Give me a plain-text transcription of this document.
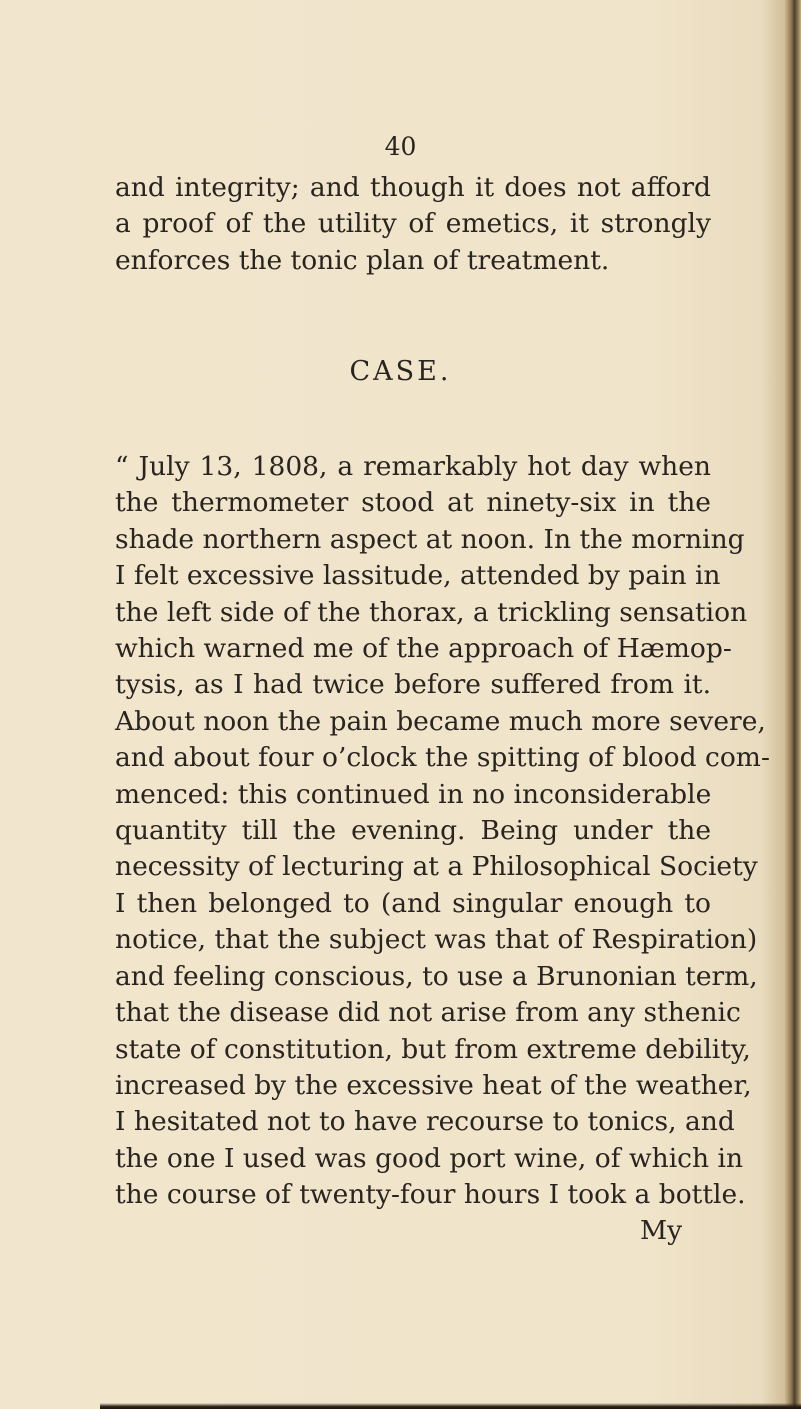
40
and integrity; and though it does not afford
a proof of the utility of emetics, it strongly
enforces the tonic plan of treatment.
CASE.
“ July 13, 1808, a remarkably hot day when
the thermometer stood at ninety-six in the
shade northern aspect at noon. In the morning
I felt excessive lassitude, attended by pain in
the left side of the thorax, a trickling sensation
which warned me of the approach of Hæmop-
tysis, as I had twice before suffered from it.
About noon the pain became much more severe,
and about four o’clock the spitting of blood com-
menced: this continued in no inconsiderable
quantity till the evening. Being under the
necessity of lecturing at a Philosophical Society
I then belonged to (and singular enough to
notice, that the subject was that of Respiration)
and feeling conscious, to use a Brunonian term,
that the disease did not arise from any sthenic
state of constitution, but from extreme debility,
increased by the excessive heat of the weather,
I hesitated not to have recourse to tonics, and
the one I used was good port wine, of which in
the course of twenty-four hours I took a bottle.
My
